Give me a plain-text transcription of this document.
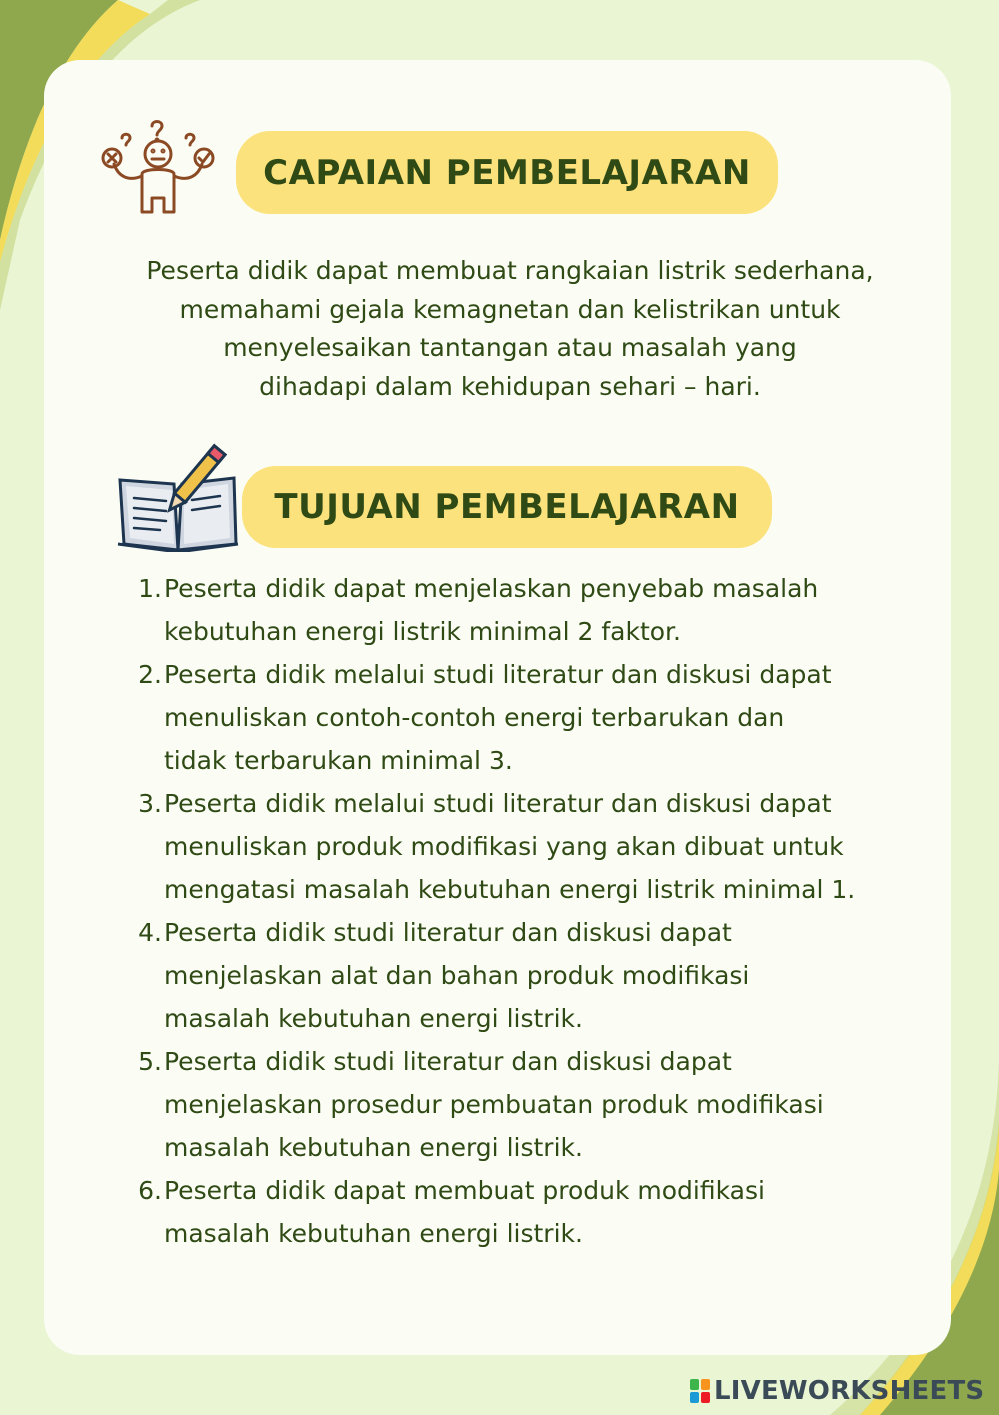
CAPAIAN PEMBELAJARAN
Peserta didik dapat membuat rangkaian listrik sederhana,
memahami gejala kemagnetan dan kelistrikan untuk
menyelesaikan tantangan atau masalah yang
dihadapi dalam kehidupan sehari – hari.
TUJUAN PEMBELAJARAN
1. Peserta didik dapat menjelaskan penyebab masalah
kebutuhan energi listrik minimal 2 faktor.
2. Peserta didik melalui studi literatur dan diskusi dapat
menuliskan contoh-contoh energi terbarukan dan
tidak terbarukan minimal 3.
3. Peserta didik melalui studi literatur dan diskusi dapat
menuliskan produk modifikasi yang akan dibuat untuk
mengatasi masalah kebutuhan energi listrik minimal 1.
4. Peserta didik studi literatur dan diskusi dapat
menjelaskan alat dan bahan produk modifikasi
masalah kebutuhan energi listrik.
5. Peserta didik studi literatur dan diskusi dapat
menjelaskan prosedur pembuatan produk modifikasi
masalah kebutuhan energi listrik.
6. Peserta didik dapat membuat produk modifikasi
masalah kebutuhan energi listrik.
LIVEWORKSHEETS
